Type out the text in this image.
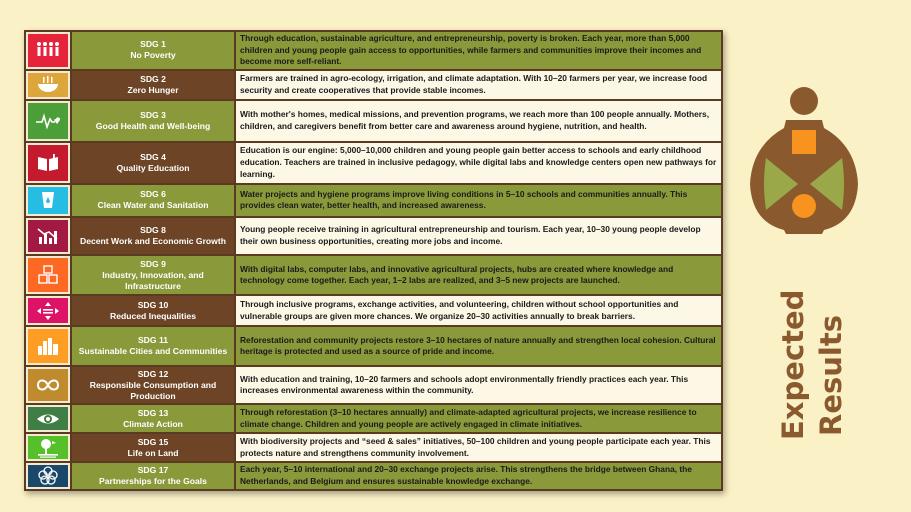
SDG 1
No Poverty
Through education, sustainable agriculture, and entrepreneurship, poverty is broken. Each year, more than 5,000 children and young people gain access to opportunities, while farmers and communities improve their incomes and become more self-reliant.
SDG 2
Zero Hunger
Farmers are trained in agro-ecology, irrigation, and climate adaptation. With 10–20 farmers per year, we increase food security and create cooperatives that provide stable incomes.
SDG 3
Good Health and Well-being
With mother's homes, medical missions, and prevention programs, we reach more than 100 people annually. Mothers, children, and caregivers benefit from better care and awareness around hygiene, nutrition, and health.
SDG 4
Quality Education
Education is our engine: 5,000–10,000 children and young people gain better access to schools and early childhood education. Teachers are trained in inclusive pedagogy, while digital labs and knowledge centers open new pathways for learning.
SDG 6
Clean Water and Sanitation
Water projects and hygiene programs improve living conditions in 5–10 schools and communities annually. This provides clean water, better health, and increased awareness.
SDG 8
Decent Work and Economic Growth
Young people receive training in agricultural entrepreneurship and tourism. Each year, 10–30 young people develop their own business opportunities, creating more jobs and income.
SDG 9
Industry, Innovation, and Infrastructure
With digital labs, computer labs, and innovative agricultural projects, hubs are created where knowledge and technology come together. Each year, 1–2 labs are realized, and 3–5 new projects are launched.
SDG 10
Reduced Inequalities
Through inclusive programs, exchange activities, and volunteering, children without school opportunities and vulnerable groups are given more chances. We organize 20–30 activities annually to break barriers.
SDG 11
Sustainable Cities and Communities
Reforestation and community projects restore 3–10 hectares of nature annually and strengthen local cohesion. Cultural heritage is protected and used as a source of pride and income.
SDG 12
Responsible Consumption and Production
With education and training, 10–20 farmers and schools adopt environmentally friendly practices each year. This increases environmental awareness within the community.
SDG 13
Climate Action
Through reforestation (3–10 hectares annually) and climate-adapted agricultural projects, we increase resilience to climate change. Children and young people are actively engaged in climate initiatives.
SDG 15
Life on Land
With biodiversity projects and “seed & sales” initiatives, 50–100 children and young people participate each year. This protects nature and strengthens community involvement.
SDG 17
Partnerships for the Goals
Each year, 5–10 international and 20–30 exchange projects arise. This strengthens the bridge between Ghana, the Netherlands, and Belgium and ensures sustainable knowledge exchange.
Expected Results
